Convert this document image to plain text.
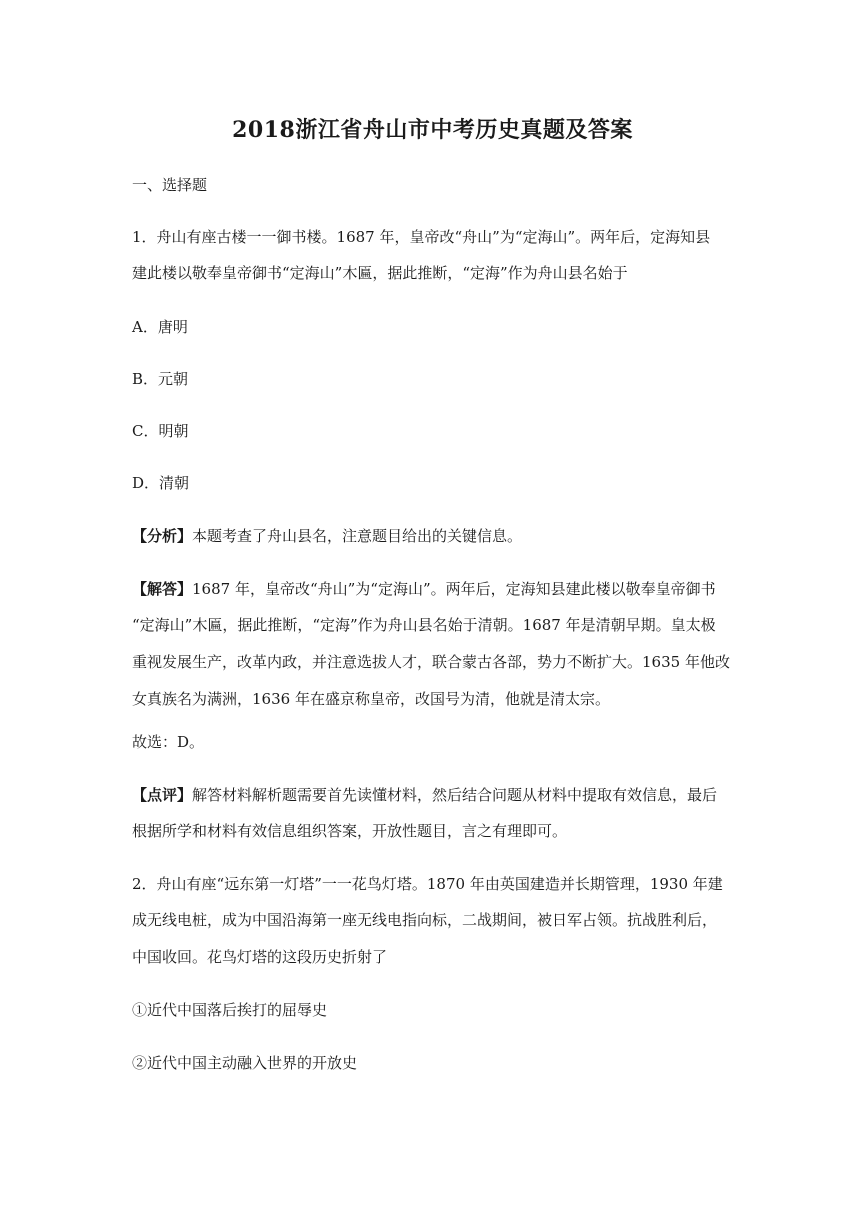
2018浙江省舟山市中考历史真题及答案
一、选择题
1．舟山有座古楼一一御书楼。1687 年，皇帝改“舟山”为“定海山”。两年后，定海知县
建此楼以敬奉皇帝御书“定海山”木匾，据此推断，“定海”作为舟山县名始于
A．唐明
B．元朝
C．明朝
D．清朝
【分析】本题考查了舟山县名，注意题目给出的关键信息。
【解答】1687 年，皇帝改“舟山”为“定海山”。两年后，定海知县建此楼以敬奉皇帝御书
“定海山”木匾，据此推断，“定海”作为舟山县名始于清朝。1687 年是清朝早期。皇太极
重视发展生产，改革内政，并注意选拔人才，联合蒙古各部，势力不断扩大。1635 年他改
女真族名为满洲，1636 年在盛京称皇帝，改国号为清，他就是清太宗。
故选：D。
【点评】解答材料解析题需要首先读懂材料，然后结合问题从材料中提取有效信息，最后
根据所学和材料有效信息组织答案，开放性题目，言之有理即可。
2．舟山有座“远东第一灯塔”一一花鸟灯塔。1870 年由英国建造并长期管理，1930 年建
成无线电桩，成为中国沿海第一座无线电指向标，二战期间，被日军占领。抗战胜利后，
中国收回。花鸟灯塔的这段历史折射了
①近代中国落后挨打的屈辱史
②近代中国主动融入世界的开放史
